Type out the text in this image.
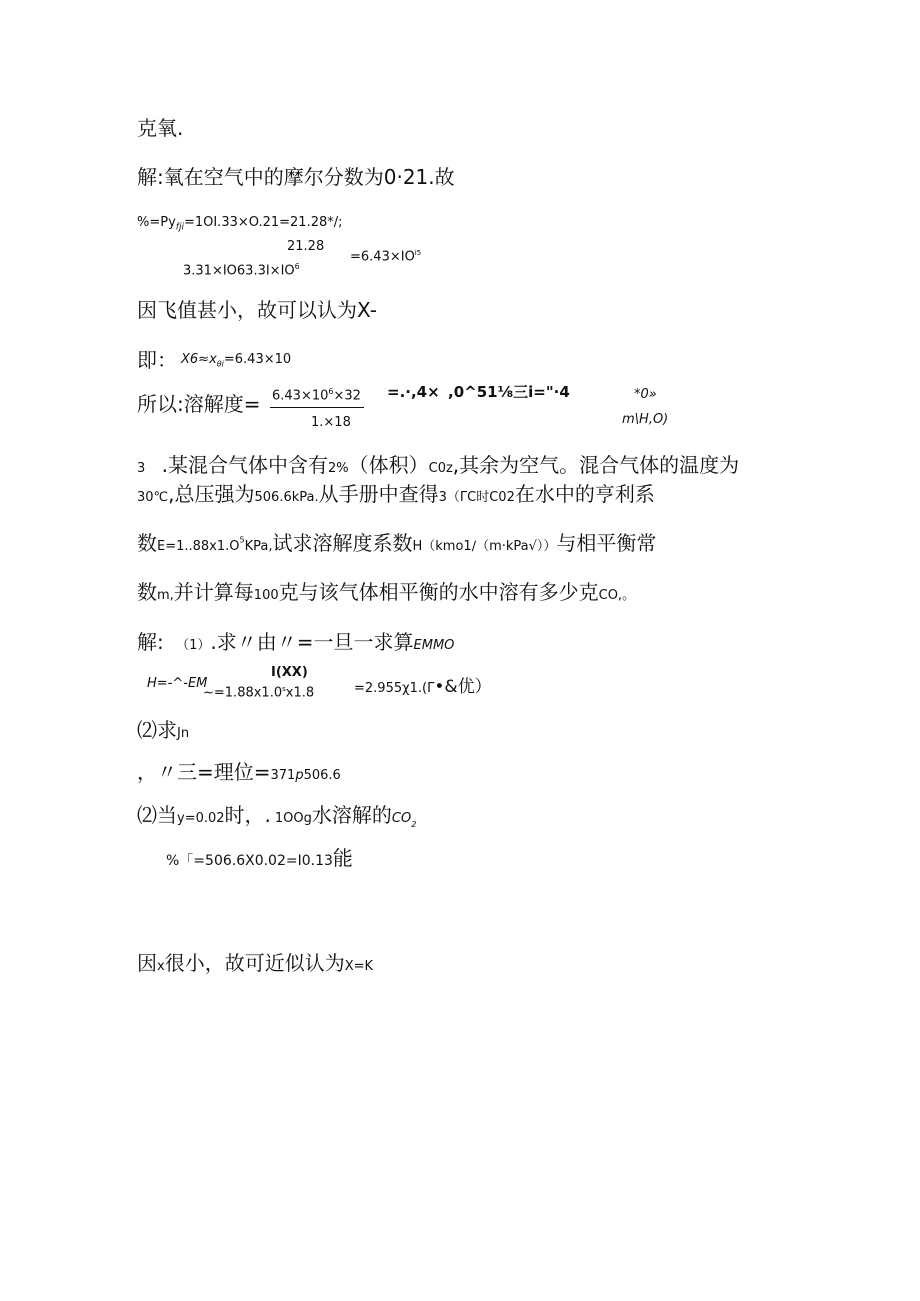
克氧.
解:氧在空气中的摩尔分数为0·21.故
$\%=Py_{fji}=1OI.33\times O.21=21.28*/$;
21.28
$3.31\times IO63.3I\times IO^6$
$=6.43\times IO^{i5}$
因飞值甚小，故可以认为X-
即： $X6\approx x_{\theta i}=6.43\times 10$
所以:溶解度= $6.43\times 10^6\times 32$
1.×18
=.·,4× ,0^51⅛三i="·4	*0»
m\H,O)
3 .某混合气体中含有2%（体积）C0z,其余为空气。混合气体的温度为
30℃,总压强为506.6kPa.从手册中查得3（ΓC时C02在水中的亨利系
数$E=1..88x1.O^5KPa$,试求溶解度系数H（kmo1∕（m·kPa√））与相平衡常
数m,并计算每100克与该气体相平衡的水中溶有多少克CO,。
解: （1）.求〃由〃=一旦一求算EMMO
H=-^-EM
I(XX)
$\sim=1.88x1.0^sx1.8$	=2.955χ1.(Γ•&优）
⑵求Jn
，〃三=理位=371p506.6
⑵当y=0.02时，. 1OOg水溶解的$CO_2$
%「=506.6X0.02=I0.13能
因x很小，故可近似认为X=K
